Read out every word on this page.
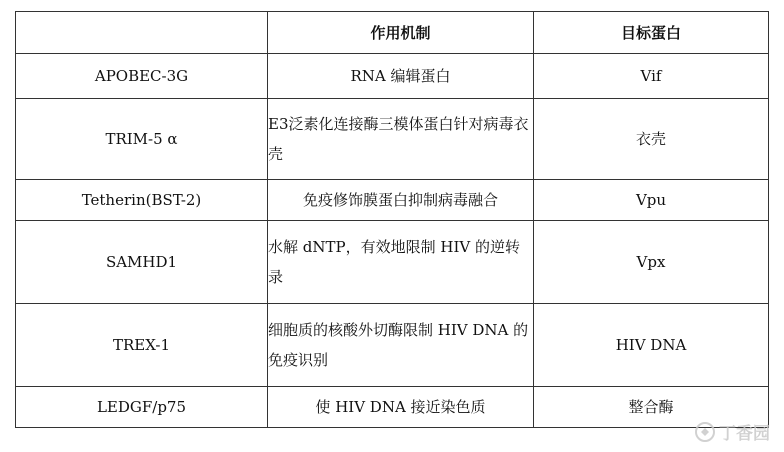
	作用机制	目标蛋白
APOBEC-3G	RNA 编辑蛋白	Vif
TRIM-5 α	E3泛素化连接酶三模体蛋白针对病毒衣壳	衣壳
Tetherin(BST-2)	免疫修饰膜蛋白抑制病毒融合	Vpu
SAMHD1	水解 dNTP，有效地限制 HIV 的逆转录	Vpx
TREX-1	细胞质的核酸外切酶限制 HIV DNA 的免疫识别	HIV DNA
LEDGF/p75	使 HIV DNA 接近染色质	整合酶
丁香园
